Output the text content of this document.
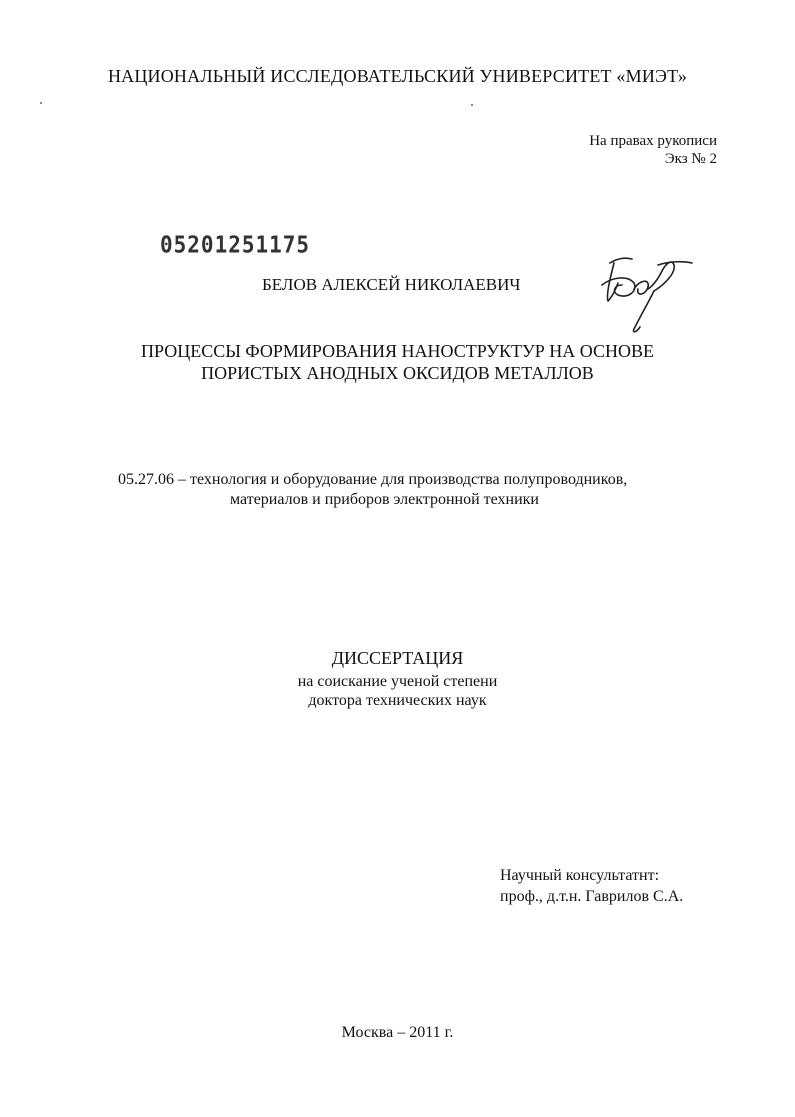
НАЦИОНАЛЬНЫЙ ИССЛЕДОВАТЕЛЬСКИЙ УНИВЕРСИТЕТ «МИЭТ»
На правах рукописи
Экз № 2
05201251175
БЕЛОВ АЛЕКСЕЙ НИКОЛАЕВИЧ
ПРОЦЕССЫ ФОРМИРОВАНИЯ НАНОСТРУКТУР НА ОСНОВЕ
ПОРИСТЫХ АНОДНЫХ ОКСИДОВ МЕТАЛЛОВ
05.27.06 – технология и оборудование для производства полупроводников,
материалов и приборов электронной техники
ДИССЕРТАЦИЯ
на соискание ученой степени
доктора технических наук
Научный консультатнт:
проф., д.т.н. Гаврилов С.А.
Москва – 2011 г.
